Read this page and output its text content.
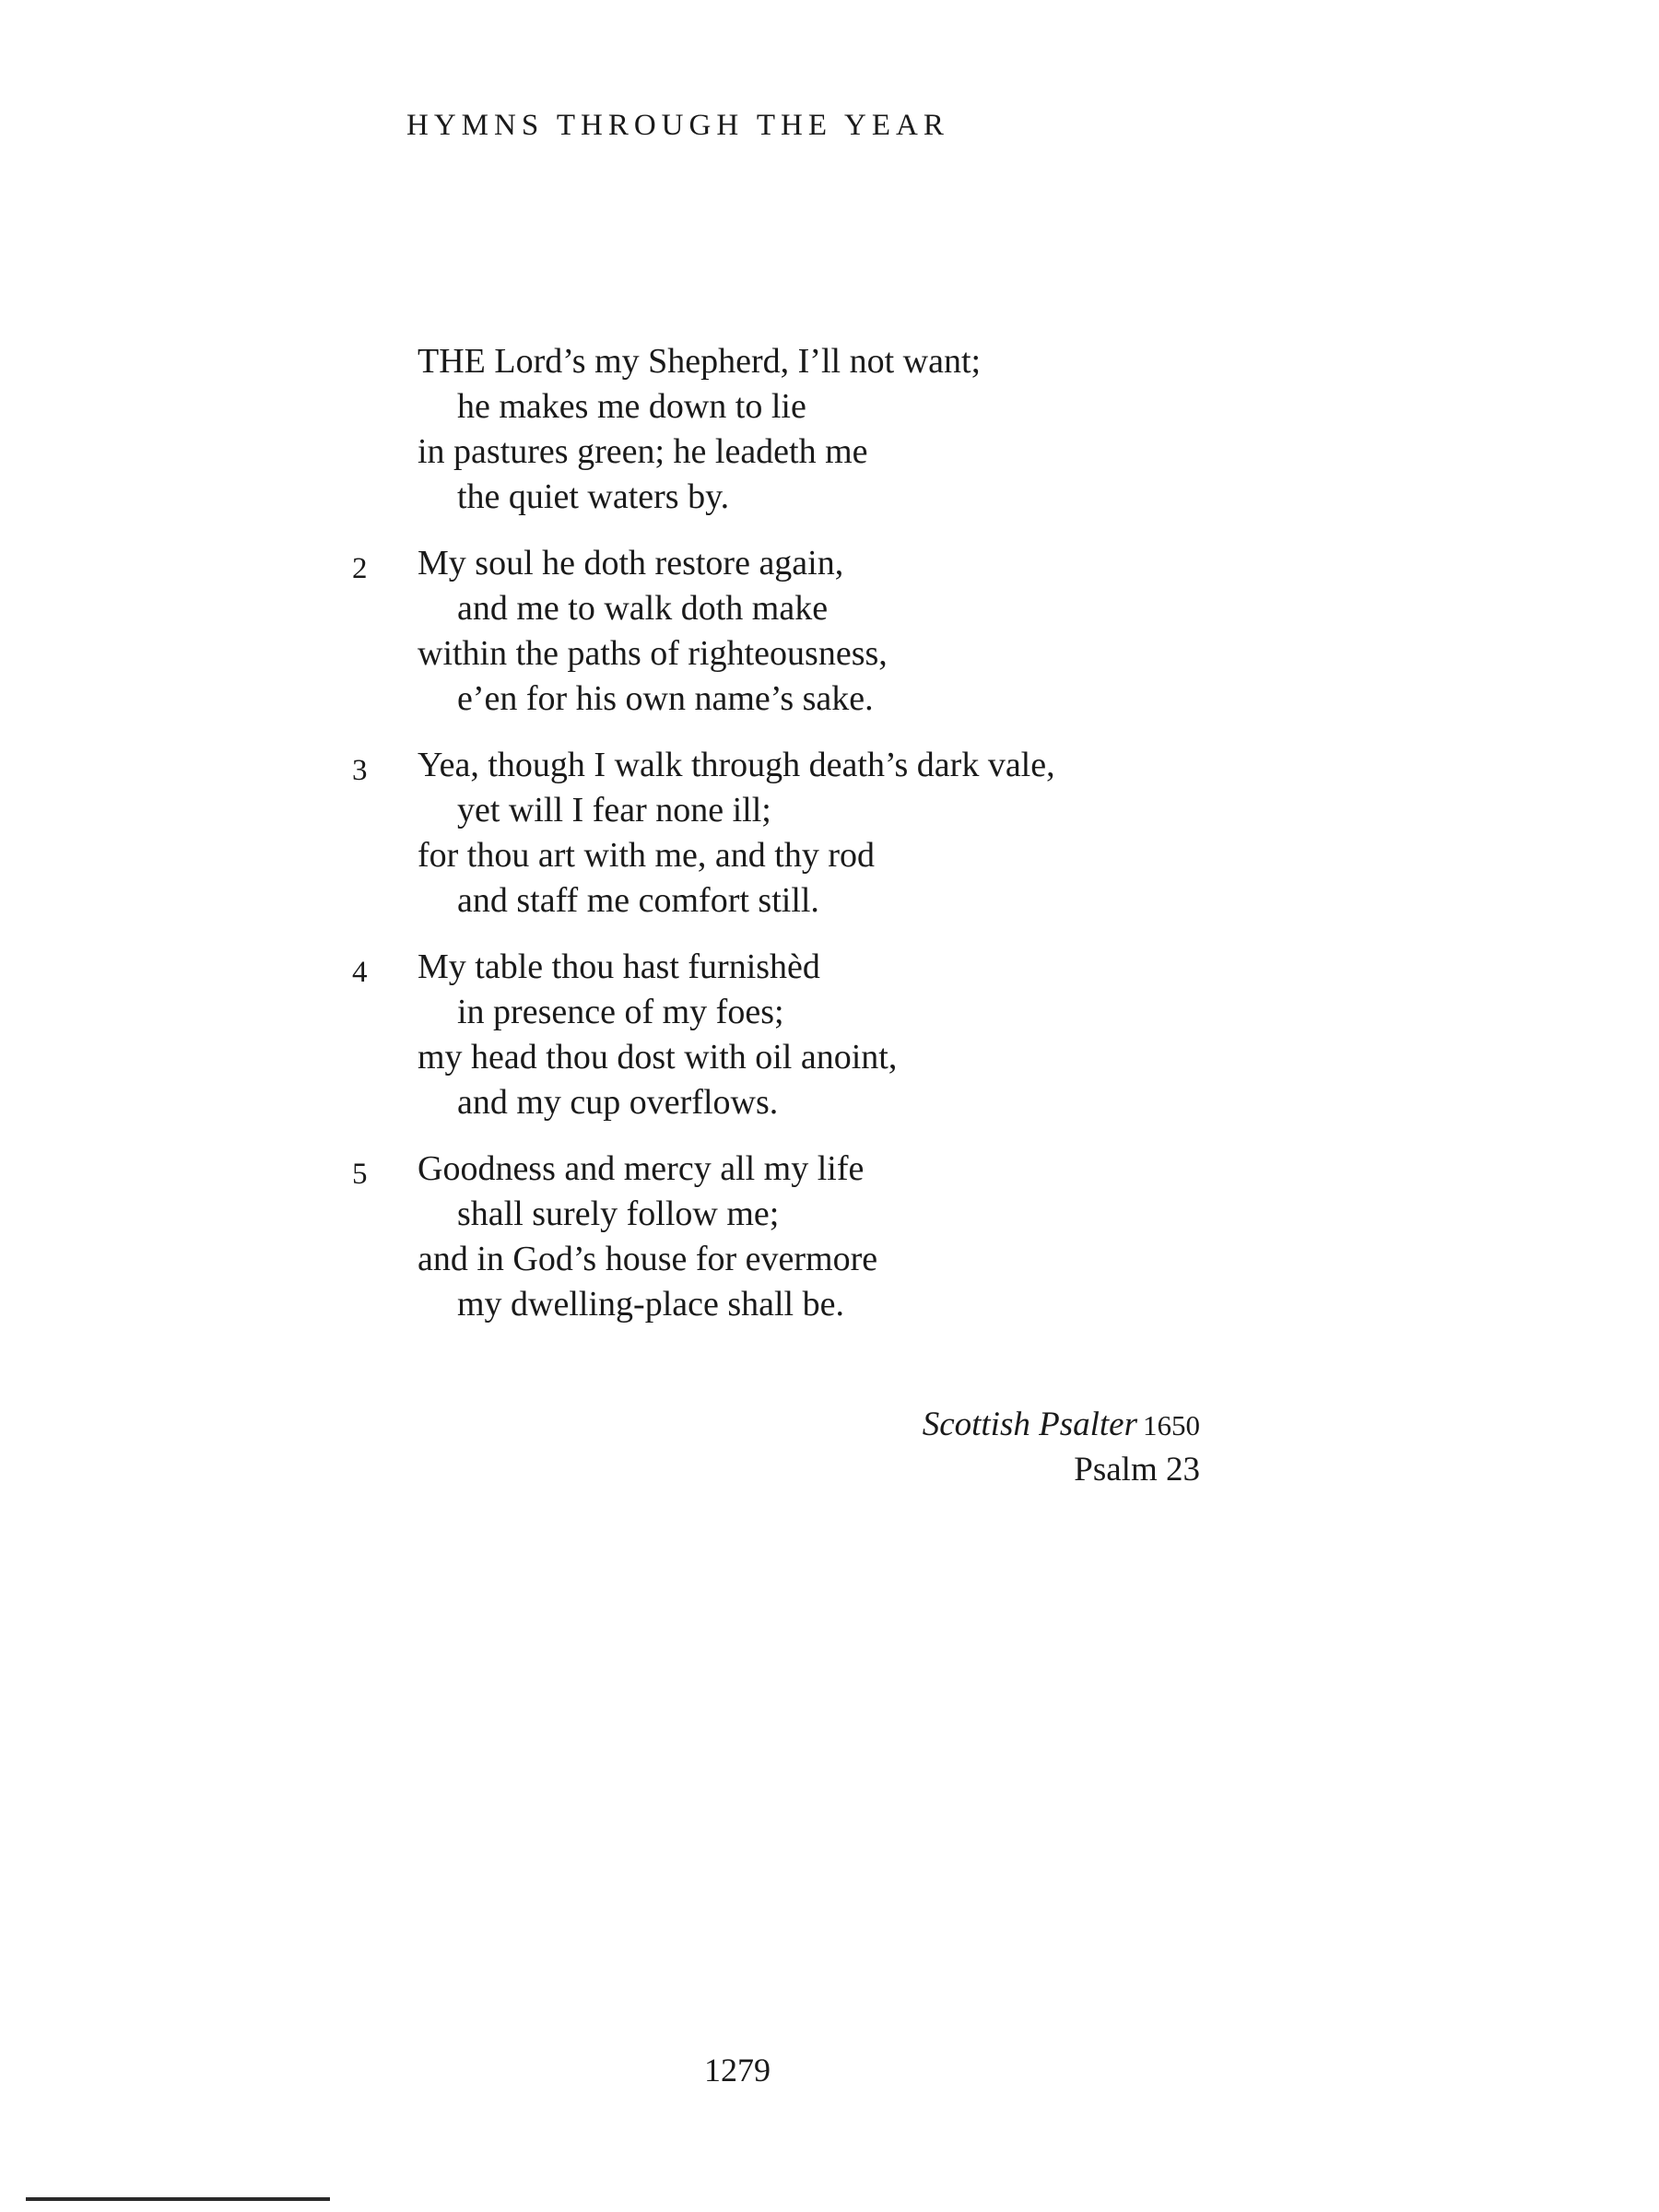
HYMNS THROUGH THE YEAR
THE Lord’s my Shepherd, I’ll not want;
he makes me down to lie
in pastures green; he leadeth me
the quiet waters by.
2	My soul he doth restore again,
and me to walk doth make
within the paths of righteousness,
e’en for his own name’s sake.
3	Yea, though I walk through death’s dark vale,
yet will I fear none ill;
for thou art with me, and thy rod
and staff me comfort still.
4	My table thou hast furnishèd
in presence of my foes;
my head thou dost with oil anoint,
and my cup overflows.
5	Goodness and mercy all my life
shall surely follow me;
and in God’s house for evermore
my dwelling-place shall be.
Scottish Psalter 1650
Psalm 23
1279
